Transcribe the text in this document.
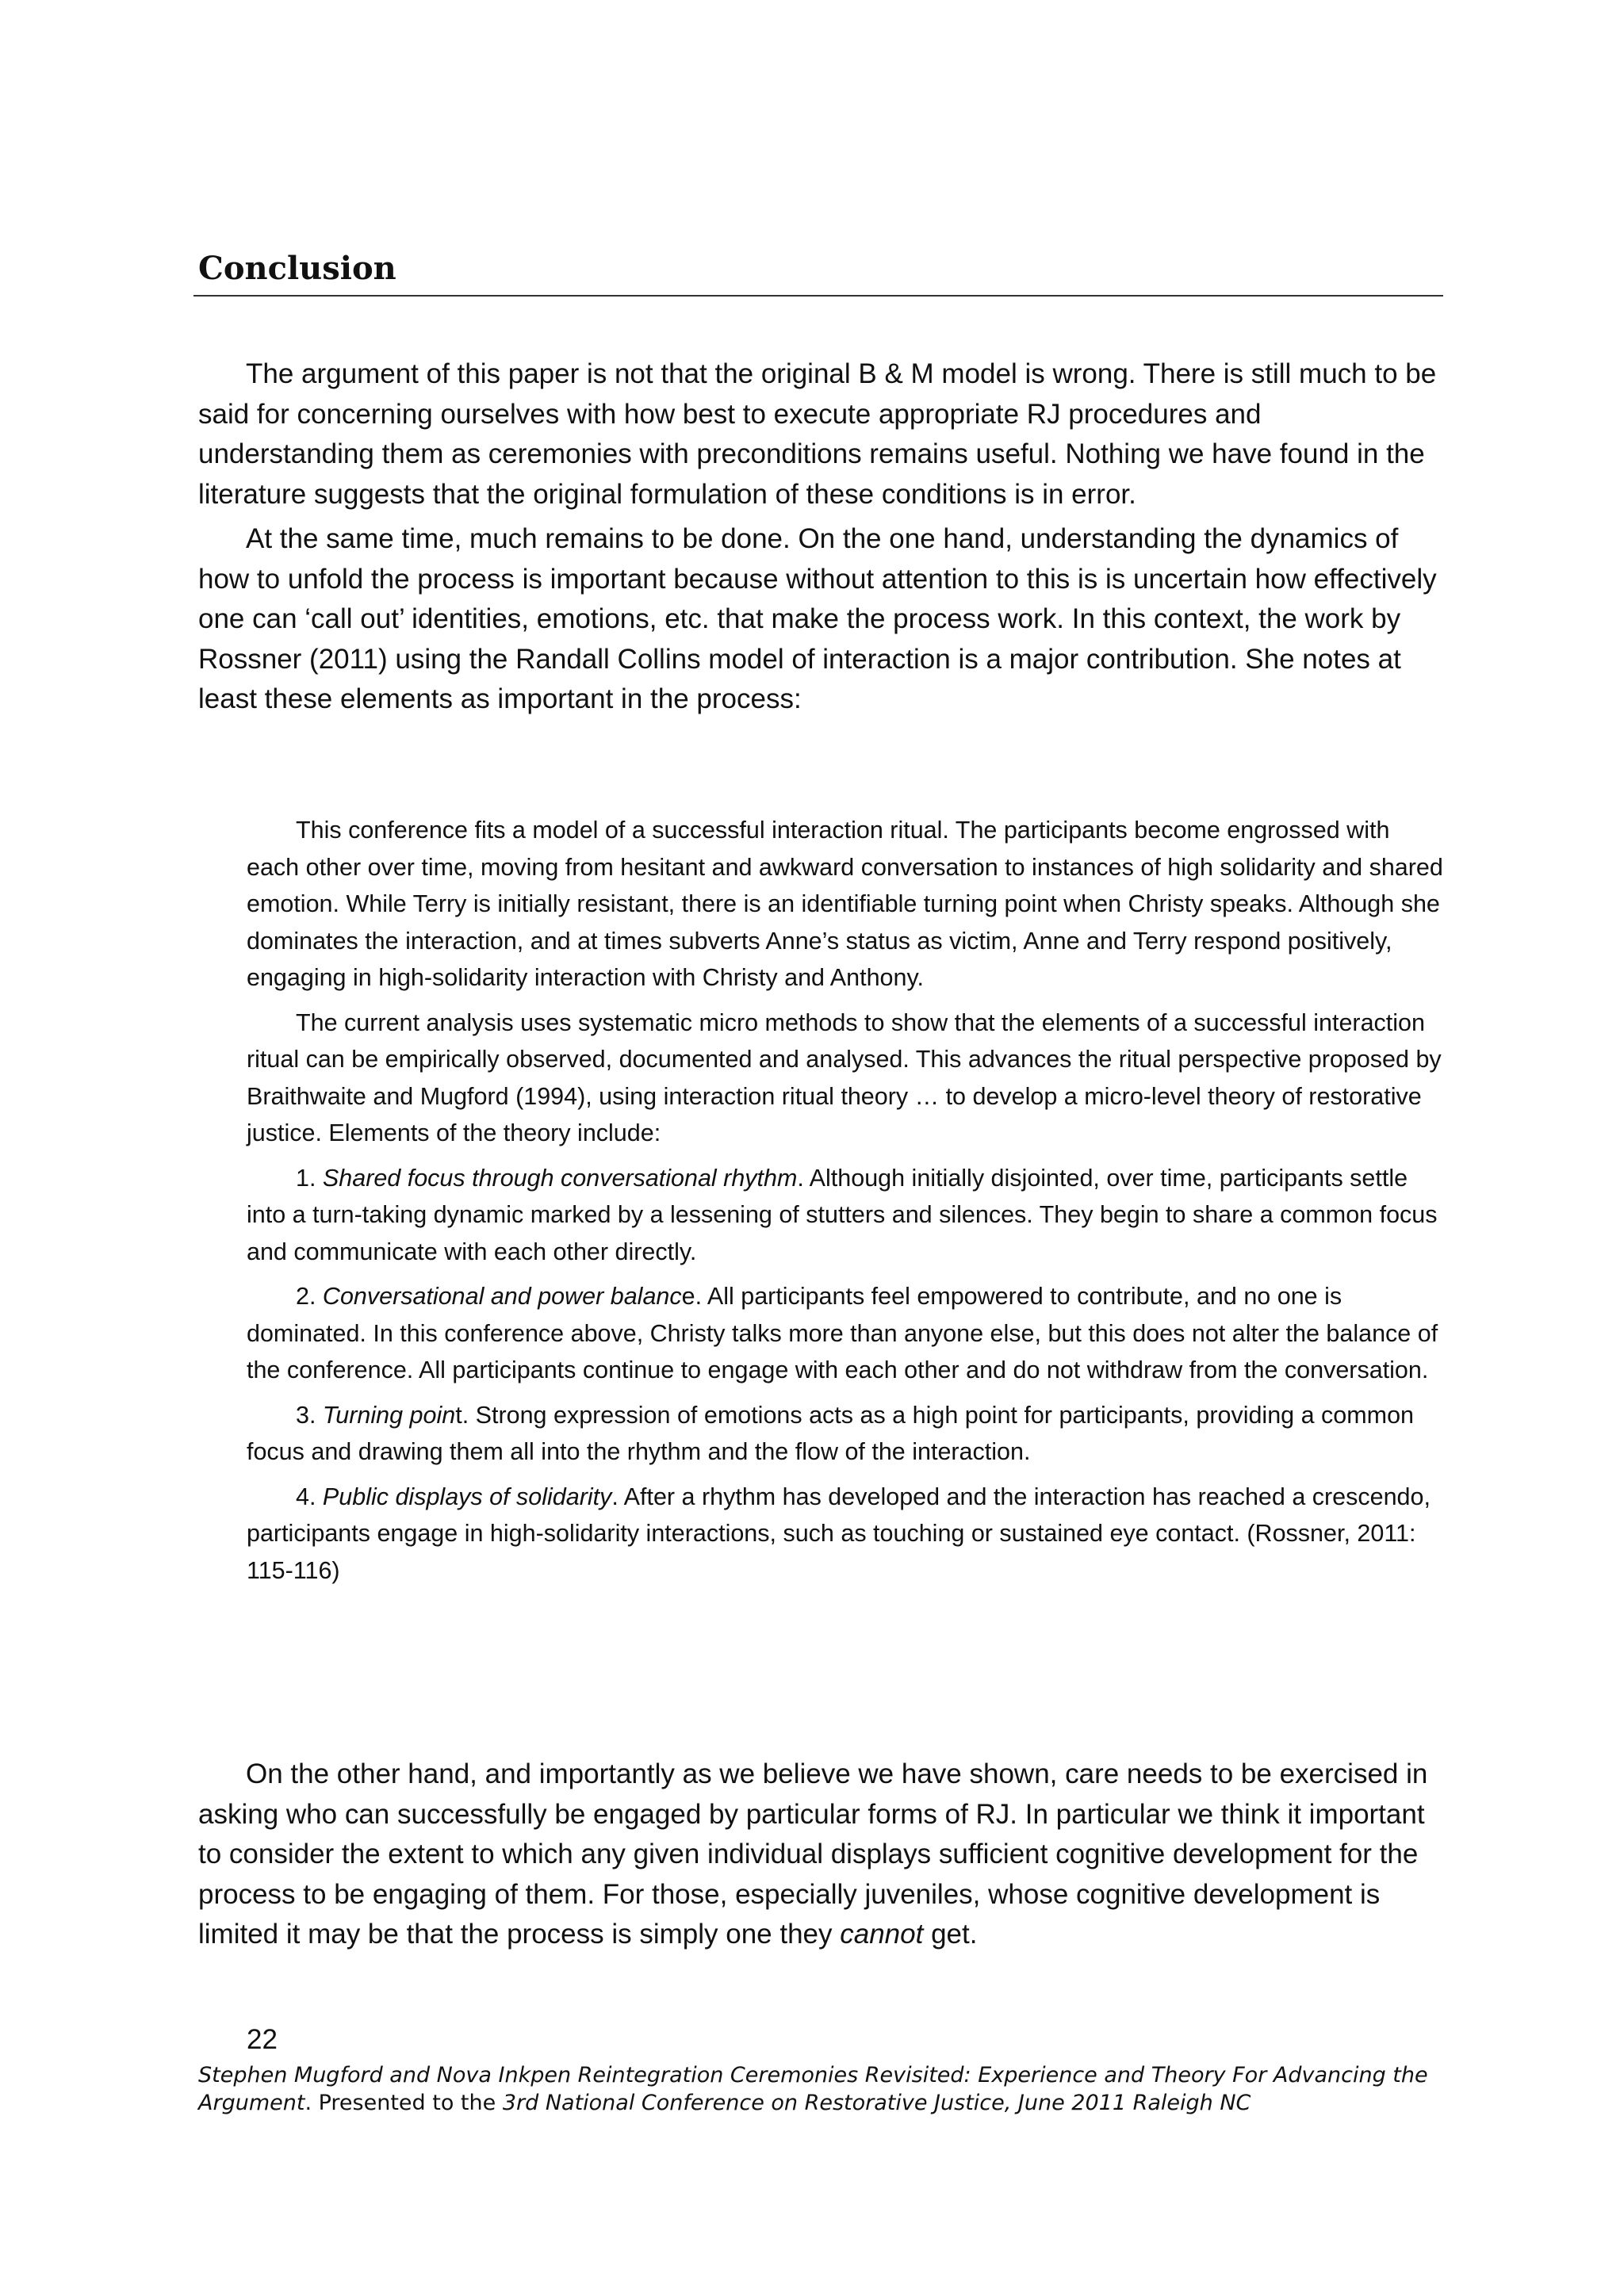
Conclusion

The argument of this paper is not that the original B & M model is wrong. There is still much to be said for concerning ourselves with how best to execute appropriate RJ procedures and understanding them as ceremonies with preconditions remains useful. Nothing we have found in the literature suggests that the original formulation of these conditions is in error.

At the same time, much remains to be done. On the one hand, understanding the dynamics of how to unfold the process is important because without attention to this is is uncertain how effectively one can ‘call out’ identities, emotions, etc. that make the process work. In this context, the work by Rossner (2011) using the Randall Collins model of interaction is a major contribution. She notes at least these elements as important in the process:

This conference fits a model of a successful interaction ritual. The participants become engrossed with each other over time, moving from hesitant and awkward conversation to instances of high solidarity and shared emotion. While Terry is initially resistant, there is an identifiable turning point when Christy speaks. Although she dominates the interaction, and at times subverts Anne’s status as victim, Anne and Terry respond positively, engaging in high-solidarity interaction with Christy and Anthony.

The current analysis uses systematic micro methods to show that the elements of a successful interaction ritual can be empirically observed, documented and analysed. This advances the ritual perspective proposed by Braithwaite and Mugford (1994), using interaction ritual theory … to develop a micro-level theory of restorative justice. Elements of the theory include:

1. Shared focus through conversational rhythm. Although initially disjointed, over time, participants settle into a turn-taking dynamic marked by a lessening of stutters and silences. They begin to share a common focus and communicate with each other directly.

2. Conversational and power balance. All participants feel empowered to contribute, and no one is dominated. In this conference above, Christy talks more than anyone else, but this does not alter the balance of the conference. All participants continue to engage with each other and do not withdraw from the conversation.

3. Turning point. Strong expression of emotions acts as a high point for participants, providing a common focus and drawing them all into the rhythm and the flow of the interaction.

4. Public displays of solidarity. After a rhythm has developed and the interaction has reached a crescendo, participants engage in high-solidarity interactions, such as touching or sustained eye contact. (Rossner, 2011: 115-116)

On the other hand, and importantly as we believe we have shown, care needs to be exercised in asking who can successfully be engaged by particular forms of RJ. In particular we think it important to consider the extent to which any given individual displays sufficient cognitive development for the process to be engaging of them. For those, especially juveniles, whose cognitive development is limited it may be that the process is simply one they cannot get.

22

Stephen Mugford and Nova Inkpen Reintegration Ceremonies Revisited: Experience and Theory For Advancing the Argument. Presented to the 3rd National Conference on Restorative Justice, June 2011 Raleigh NC
